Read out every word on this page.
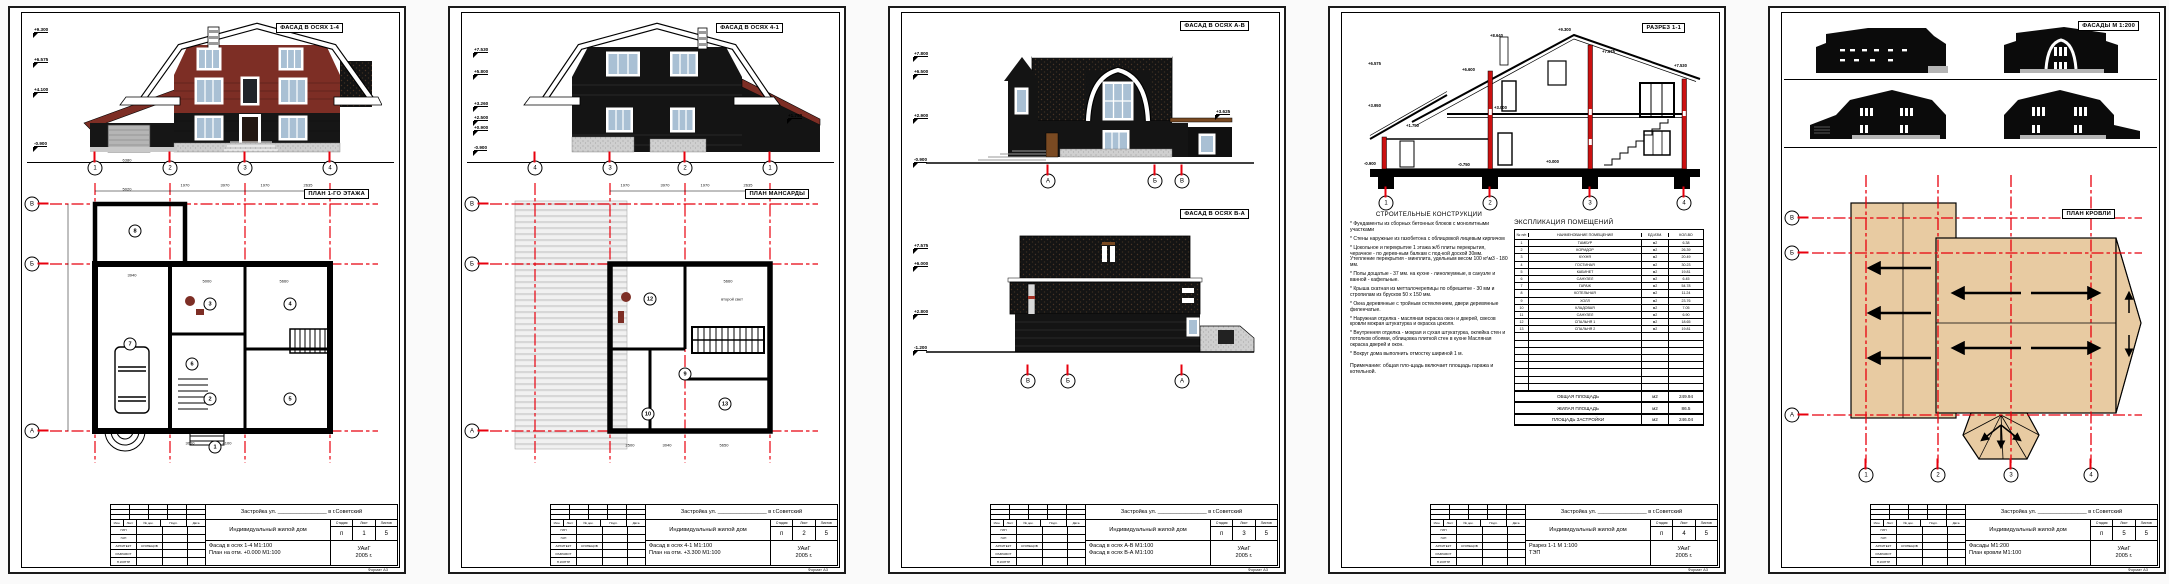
ФАСАД В ОСЯХ 1-4
ПЛАН 1-ГО ЭТАЖА
+9.300
+6.575
+4.100
-0.900
1	2	3	4
В
Б
А
8
7
3	4
2	5
6
1
6380
5020
1970	3970	1970	2635
3940
5000	5660
3000	4100
Изм.	Лист	№ док.	Подп.	Дата
ГИП
ГАП
АРХИТЕКТ	КУЗНЕЦОВ
РАЗРАБОТ
Н.КОНТР
Застройка ул. ________________ в г.Советский
Индивидуальный жилой дом
Стадия	Лист	Листов
п	1	5
Фасад в осях 1-4 М1:100
План на отм. +0.000 М1:100
УАиГ
2005 г.
Формат А3
ФАСАД В ОСЯХ 4-1
ПЛАН МАНСАРДЫ
+7.530
+5.800
+3.260
+2.500
+0.900
-0.900
+1.750
4	3	2	1
В
Б
А
12
9
10
13
1970	3970	1970	2635
второй свет
5660
2500	3040	5650
Изм.	Лист	№ док.	Подп.	Дата
ГИП
ГАП
АРХИТЕКТ	КУЗНЕЦОВ
РАЗРАБОТ
Н.КОНТР
Застройка ул. ________________ в г.Советский
Индивидуальный жилой дом
Стадия	Лист	Листов
п	2	5
Фасад в осях 4-1 М1:100
План на отм. +3.300 М1:100
УАиГ
2005 г.
Формат А3
ФАСАД В ОСЯХ А-В
ФАСАД В ОСЯХ В-А
+7.800
+6.500
+2.900
-0.900
+3.625
+7.575
+6.000
+2.800
-1.200
А	Б	В
В	Б	А
Изм.	Лист	№ док.	Подп.	Дата
ГИП
ГАП
АРХИТЕКТ	КУЗНЕЦОВ
РАЗРАБОТ
Н.КОНТР
Застройка ул. ________________ в г.Советский
Индивидуальный жилой дом
Стадия	Лист	Листов
п	3	5
Фасад в осях А-В М1:100
Фасад в осях В-А М1:100
УАиГ
2005 г.
Формат А3
РАЗРЕЗ 1-1
+9.300
+8.640
+7.530
+7.675
+6.575
+6.600
+3.950	+3.000
+1.750
+0.000
-0.750
-0.900
1	2	3	4
СТРОИТЕЛЬНЫЕ КОНСТРУКЦИИ
* Фундаменты из сборных бетонных блоков с монолитными участками
* Стены наружные из газобетона с облицовкой лицевым кирпичом
* Цокольное и перекрытие 1 этажа ж/б плиты перекрытия, черачное - по дерев-ным балкам с под-кой доской 30мм. Утепление перекрытия - минплита, удельным весом 100 кг\м3 - 180 мм.
* Полы дощатые - 37 мм. на кухне - линолеумные, в санузле и ванной - кафельные.
* Крыша скатная из метталочерепицы по обрешетке - 30 мм и стропилам из брусков 50 х 150 мм.
* Окна деревянные с тройным остеклением, двери деревянные филенчатые.
* Наружная отделка - масляная окраска окон и дверей, свесов кровли мокрая штукатурка и окраска цоколя.
* Внутренняя отделка - мокрая и сухая штукатурка, оклейка стен и потолков обоями, облицовка плиткой стен в кухне Масляная окраска дверей и окон.
* Вокруг дома выполнить отмостку шириной 1 м.
Примечание: общая пло-щадь включает площадь гаража и котельной.
ЭКСПЛИКАЦИЯ ПОМЕЩЕНИЙ
№ п/п	НАИМЕНОВАНИЕ ПОМЕЩЕНИЙ	ЕД.ИЗМ.	КОЛ-ВО
1	ТАМБУР	м2	6.38
2	КОРИДОР	м2	26.39
3	КУХНЯ	м2	20.49
4	ГОСТИНАЯ	м2	30.23
5	КАБИНЕТ	м2	19.81
6	САНУЗЕЛ	м2	6.45
7	ГАРАЖ	м2	54.78
8	КОТЕЛЬНАЯ	м2	11.24
9	ХОЛЛ	м2	23.76
10	КЛАДОВАЯ	м2	7.05
11	САНУЗЕЛ	м2	6.90
12	СПАЛЬНЯ 1	м2	18.65
13	СПАЛЬНЯ 2	м2	19.81
ОБЩАЯ ПЛОЩАДЬ	м2	249.94
ЖИЛАЯ ПЛОЩАДЬ	м2	86.5
ПЛОЩАДЬ ЗАСТРОЙКИ	м2	246.04
Изм.	Лист	№ док.	Подп.	Дата
ГИП
ГАП
АРХИТЕКТ	КУЗНЕЦОВ
РАЗРАБОТ
Н.КОНТР
Застройка ул. ________________ в г.Советский
Индивидуальный жилой дом
Стадия	Лист	Листов
п	4	5
Разрез 1-1 М 1:100
ТЭП
УАиГ
2005 г.
Формат А3
ФАСАДЫ М 1:200
ПЛАН КРОВЛИ
1	2	3	4
В
Б
А
Изм.	Лист	№ док.	Подп.	Дата
ГИП
ГАП
АРХИТЕКТ	КУЗНЕЦОВ
РАЗРАБОТ
Н.КОНТР
Застройка ул. ________________ в г.Советский
Индивидуальный жилой дом
Стадия	Лист	Листов
п	5	5
Фасады М1:200
План кровли М1:100
УАиГ
2005 г.
Формат А3
